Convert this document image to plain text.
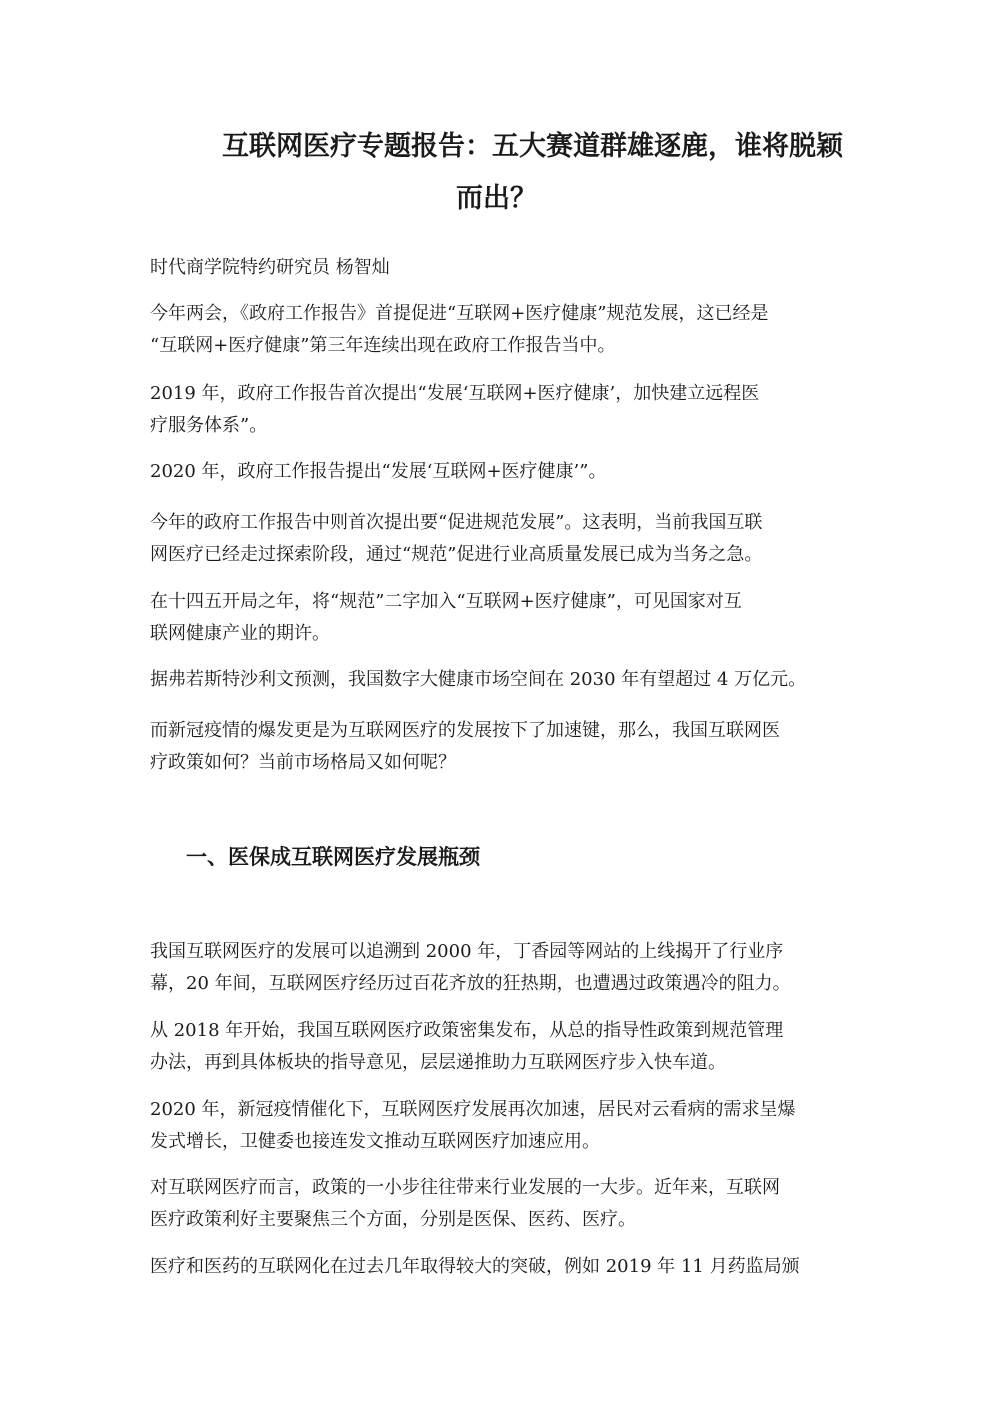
互联网医疗专题报告：五大赛道群雄逐鹿，谁将脱颖
而出？
时代商学院特约研究员 杨智灿
今年两会，《政府工作报告》首提促进“互联网+医疗健康”规范发展，这已经是
“互联网+医疗健康”第三年连续出现在政府工作报告当中。
2019 年，政府工作报告首次提出“发展‘互联网+医疗健康’，加快建立远程医
疗服务体系”。
2020 年，政府工作报告提出“发展‘互联网+医疗健康’”。
今年的政府工作报告中则首次提出要“促进规范发展”。这表明，当前我国互联
网医疗已经走过探索阶段，通过“规范”促进行业高质量发展已成为当务之急。
在十四五开局之年，将“规范”二字加入“互联网+医疗健康”，可见国家对互
联网健康产业的期许。
据弗若斯特沙利文预测，我国数字大健康市场空间在 2030 年有望超过 4 万亿元。
而新冠疫情的爆发更是为互联网医疗的发展按下了加速键，那么，我国互联网医
疗政策如何？当前市场格局又如何呢？
一、医保成互联网医疗发展瓶颈
我国互联网医疗的发展可以追溯到 2000 年，丁香园等网站的上线揭开了行业序
幕，20 年间，互联网医疗经历过百花齐放的狂热期，也遭遇过政策遇冷的阻力。
从 2018 年开始，我国互联网医疗政策密集发布，从总的指导性政策到规范管理
办法，再到具体板块的指导意见，层层递推助力互联网医疗步入快车道。
2020 年，新冠疫情催化下，互联网医疗发展再次加速，居民对云看病的需求呈爆
发式增长，卫健委也接连发文推动互联网医疗加速应用。
对互联网医疗而言，政策的一小步往往带来行业发展的一大步。近年来，互联网
医疗政策利好主要聚焦三个方面，分别是医保、医药、医疗。
医疗和医药的互联网化在过去几年取得较大的突破，例如 2019 年 11 月药监局颁
